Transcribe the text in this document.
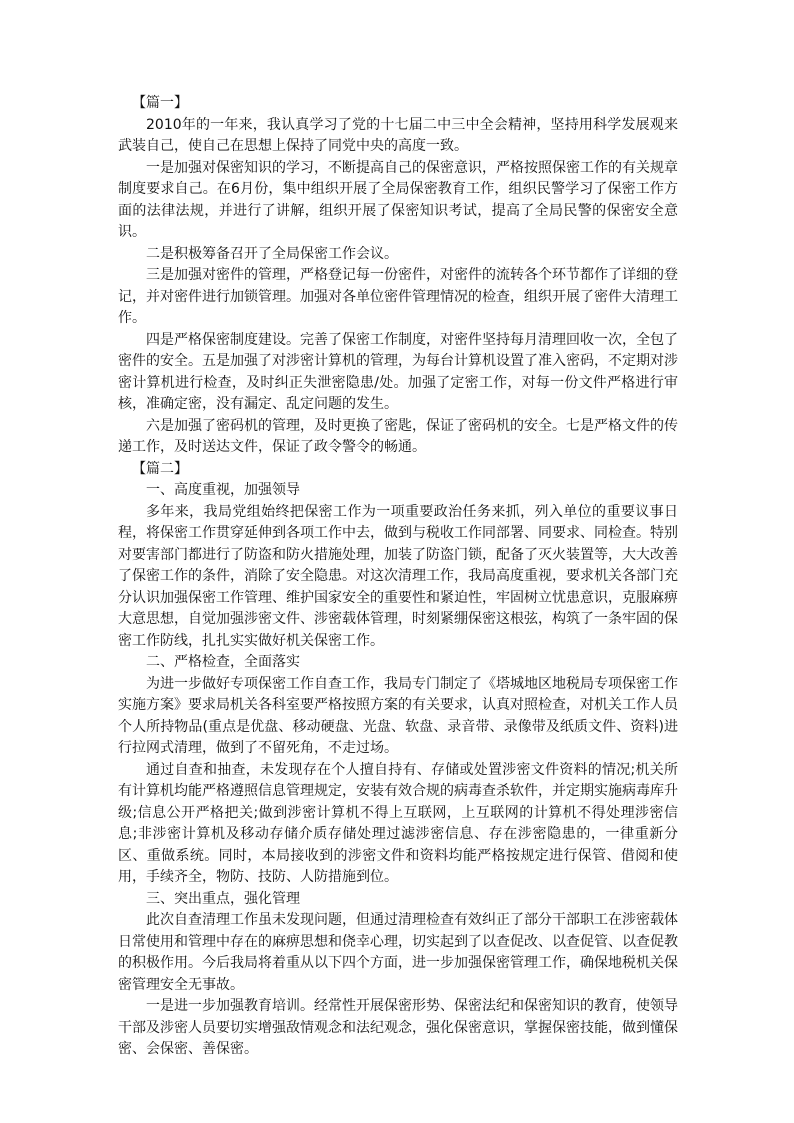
【篇一】

2010年的一年来，我认真学习了党的十七届二中三中全会精神，坚持用科学发展观来武装自己，使自己在思想上保持了同党中央的高度一致。

一是加强对保密知识的学习，不断提高自己的保密意识，严格按照保密工作的有关规章制度要求自己。在6月份，集中组织开展了全局保密教育工作，组织民警学习了保密工作方面的法律法规，并进行了讲解，组织开展了保密知识考试，提高了全局民警的保密安全意识。

二是积极筹备召开了全局保密工作会议。

三是加强对密件的管理，严格登记每一份密件，对密件的流转各个环节都作了详细的登记，并对密件进行加锁管理。加强对各单位密件管理情况的检查，组织开展了密件大清理工作。

四是严格保密制度建设。完善了保密工作制度，对密件坚持每月清理回收一次，全包了密件的安全。五是加强了对涉密计算机的管理，为每台计算机设置了准入密码，不定期对涉密计算机进行检查，及时纠正失泄密隐患/处。加强了定密工作，对每一份文件严格进行审核，准确定密，没有漏定、乱定问题的发生。

六是加强了密码机的管理，及时更换了密匙，保证了密码机的安全。七是严格文件的传递工作，及时送达文件，保证了政令警令的畅通。

【篇二】

一、高度重视，加强领导

多年来，我局党组始终把保密工作为一项重要政治任务来抓，列入单位的重要议事日程，将保密工作贯穿延伸到各项工作中去，做到与税收工作同部署、同要求、同检查。特别对要害部门都进行了防盗和防火措施处理，加装了防盗门锁，配备了灭火装置等，大大改善了保密工作的条件，消除了安全隐患。对这次清理工作，我局高度重视，要求机关各部门充分认识加强保密工作管理、维护国家安全的重要性和紧迫性，牢固树立忧患意识，克服麻痹大意思想，自觉加强涉密文件、涉密载体管理，时刻紧绷保密这根弦，构筑了一条牢固的保密工作防线，扎扎实实做好机关保密工作。

二、严格检查，全面落实

为进一步做好专项保密工作自查工作，我局专门制定了《塔城地区地税局专项保密工作实施方案》要求局机关各科室要严格按照方案的有关要求，认真对照检查，对机关工作人员个人所持物品(重点是优盘、移动硬盘、光盘、软盘、录音带、录像带及纸质文件、资料)进行拉网式清理，做到了不留死角，不走过场。

通过自查和抽查，未发现存在个人擅自持有、存储或处置涉密文件资料的情况;机关所有计算机均能严格遵照信息管理规定，安装有效合规的病毒查杀软件，并定期实施病毒库升级;信息公开严格把关;做到涉密计算机不得上互联网，上互联网的计算机不得处理涉密信息;非涉密计算机及移动存储介质存储处理过滤涉密信息、存在涉密隐患的，一律重新分区、重做系统。同时，本局接收到的涉密文件和资料均能严格按规定进行保管、借阅和使用，手续齐全，物防、技防、人防措施到位。

三、突出重点，强化管理

此次自查清理工作虽未发现问题，但通过清理检查有效纠正了部分干部职工在涉密载体日常使用和管理中存在的麻痹思想和侥幸心理，切实起到了以查促改、以查促管、以查促教的积极作用。今后我局将着重从以下四个方面，进一步加强保密管理工作，确保地税机关保密管理安全无事故。

一是进一步加强教育培训。经常性开展保密形势、保密法纪和保密知识的教育，使领导干部及涉密人员要切实增强敌情观念和法纪观念，强化保密意识，掌握保密技能，做到懂保密、会保密、善保密。
